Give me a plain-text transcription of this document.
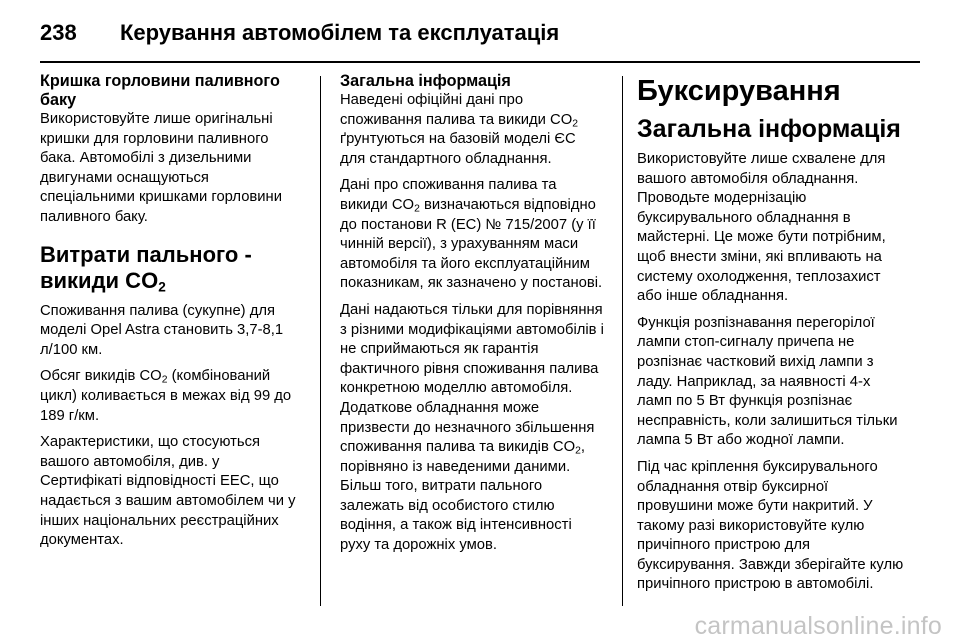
238	Керування автомобілем та експлуатація
Кришка горловини паливного баку

Використовуйте лише оригінальні кришки для горловини паливного бака. Автомобілі з дизельними двигунами оснащуються спеціальними кришками горловини паливного баку.

Витрати пального - викиди $CO_2$

Споживання палива (сукупне) для моделі Opel Astra становить 3,7-8,1 л/100 км.

Обсяг викидів $CO_2$ (комбінований цикл) коливається в межах від 99 до 189 г/км.

Характеристики, що стосуються вашого автомобіля, див. у Сертифікаті відповідності EEC, що надається з вашим автомобілем чи у інших національних реєстраційних документах.

Загальна інформація

Наведені офіційні дані про споживання палива та викиди $CO_2$ ґрунтуються на базовій моделі ЄС для стандартного обладнання.

Дані про споживання палива та викиди $CO_2$ визначаються відповідно до постанови R (EC) № 715/2007 (у її чинній версії), з урахуванням маси автомобіля та його експлуатаційним показникам, як зазначено у постанові.

Дані надаються тільки для порівняння з різними модифікаціями автомобілів і не сприймаються як гарантія фактичного рівня споживання палива конкретною моделлю автомобіля. Додаткове обладнання може призвести до незначного збільшення споживання палива та викидів $CO_2$, порівняно із наведеними даними. Більш того, витрати пального залежать від особистого стилю водіння, а також від інтенсивності руху та дорожніх умов.

Буксирування
Загальна інформація

Використовуйте лише схвалене для вашого автомобіля обладнання. Проводьте модернізацію буксирувального обладнання в майстерні. Це може бути потрібним, щоб внести зміни, які впливають на систему охолодження, теплозахист або інше обладнання.

Функція розпізнавання перегорілої лампи стоп-сигналу причепа не розпізнає частковий вихід лампи з ладу. Наприклад, за наявності 4-х ламп по 5 Вт функція розпізнає несправність, коли залишиться тільки лампа 5 Вт або жодної лампи.

Під час кріплення буксирувального обладнання отвір буксирної провушини може бути накритий. У такому разі використовуйте кулю причіпного пристрою для буксирування. Завжди зберігайте кулю причіпного пристрою в автомобілі.

carmanualsonline.info
